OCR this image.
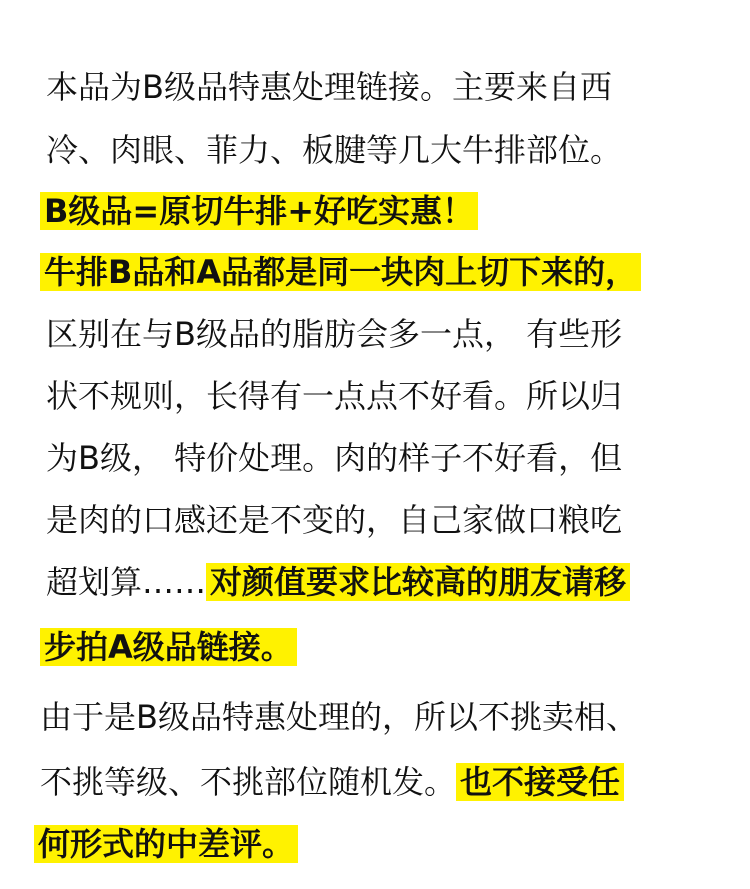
本品为B级品特惠处理链接。主要来自西
冷、肉眼、菲力、板腱等几大牛排部位。
B级品=原切牛排+好吃实惠！
牛排B品和A品都是同一块肉上切下来的，
区别在与B级品的脂肪会多一点， 有些形
状不规则，长得有一点点不好看。所以归
为B级， 特价处理。肉的样子不好看，但
是肉的口感还是不变的，自己家做口粮吃
超划算…… 对颜值要求比较高的朋友请移
步拍A级品链接。
由于是B级品特惠处理的，所以不挑卖相、
不挑等级、不挑部位随机发。 也不接受任
何形式的中差评。
